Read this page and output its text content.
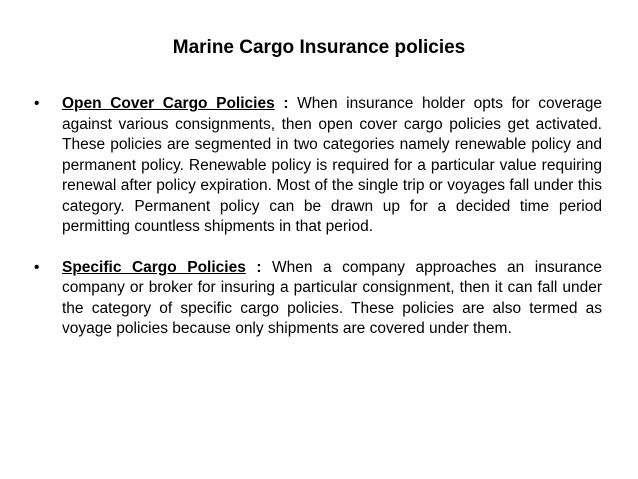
Marine Cargo Insurance policies
• Open Cover Cargo Policies : When insurance holder opts for coverage against various consignments, then open cover cargo policies get activated. These policies are segmented in two categories namely renewable policy and permanent policy. Renewable policy is required for a particular value requiring renewal after policy expiration. Most of the single trip or voyages fall under this category. Permanent policy can be drawn up for a decided time period permitting countless shipments in that period.
• Specific Cargo Policies : When a company approaches an insurance company or broker for insuring a particular consignment, then it can fall under the category of specific cargo policies. These policies are also termed as voyage policies because only shipments are covered under them.
